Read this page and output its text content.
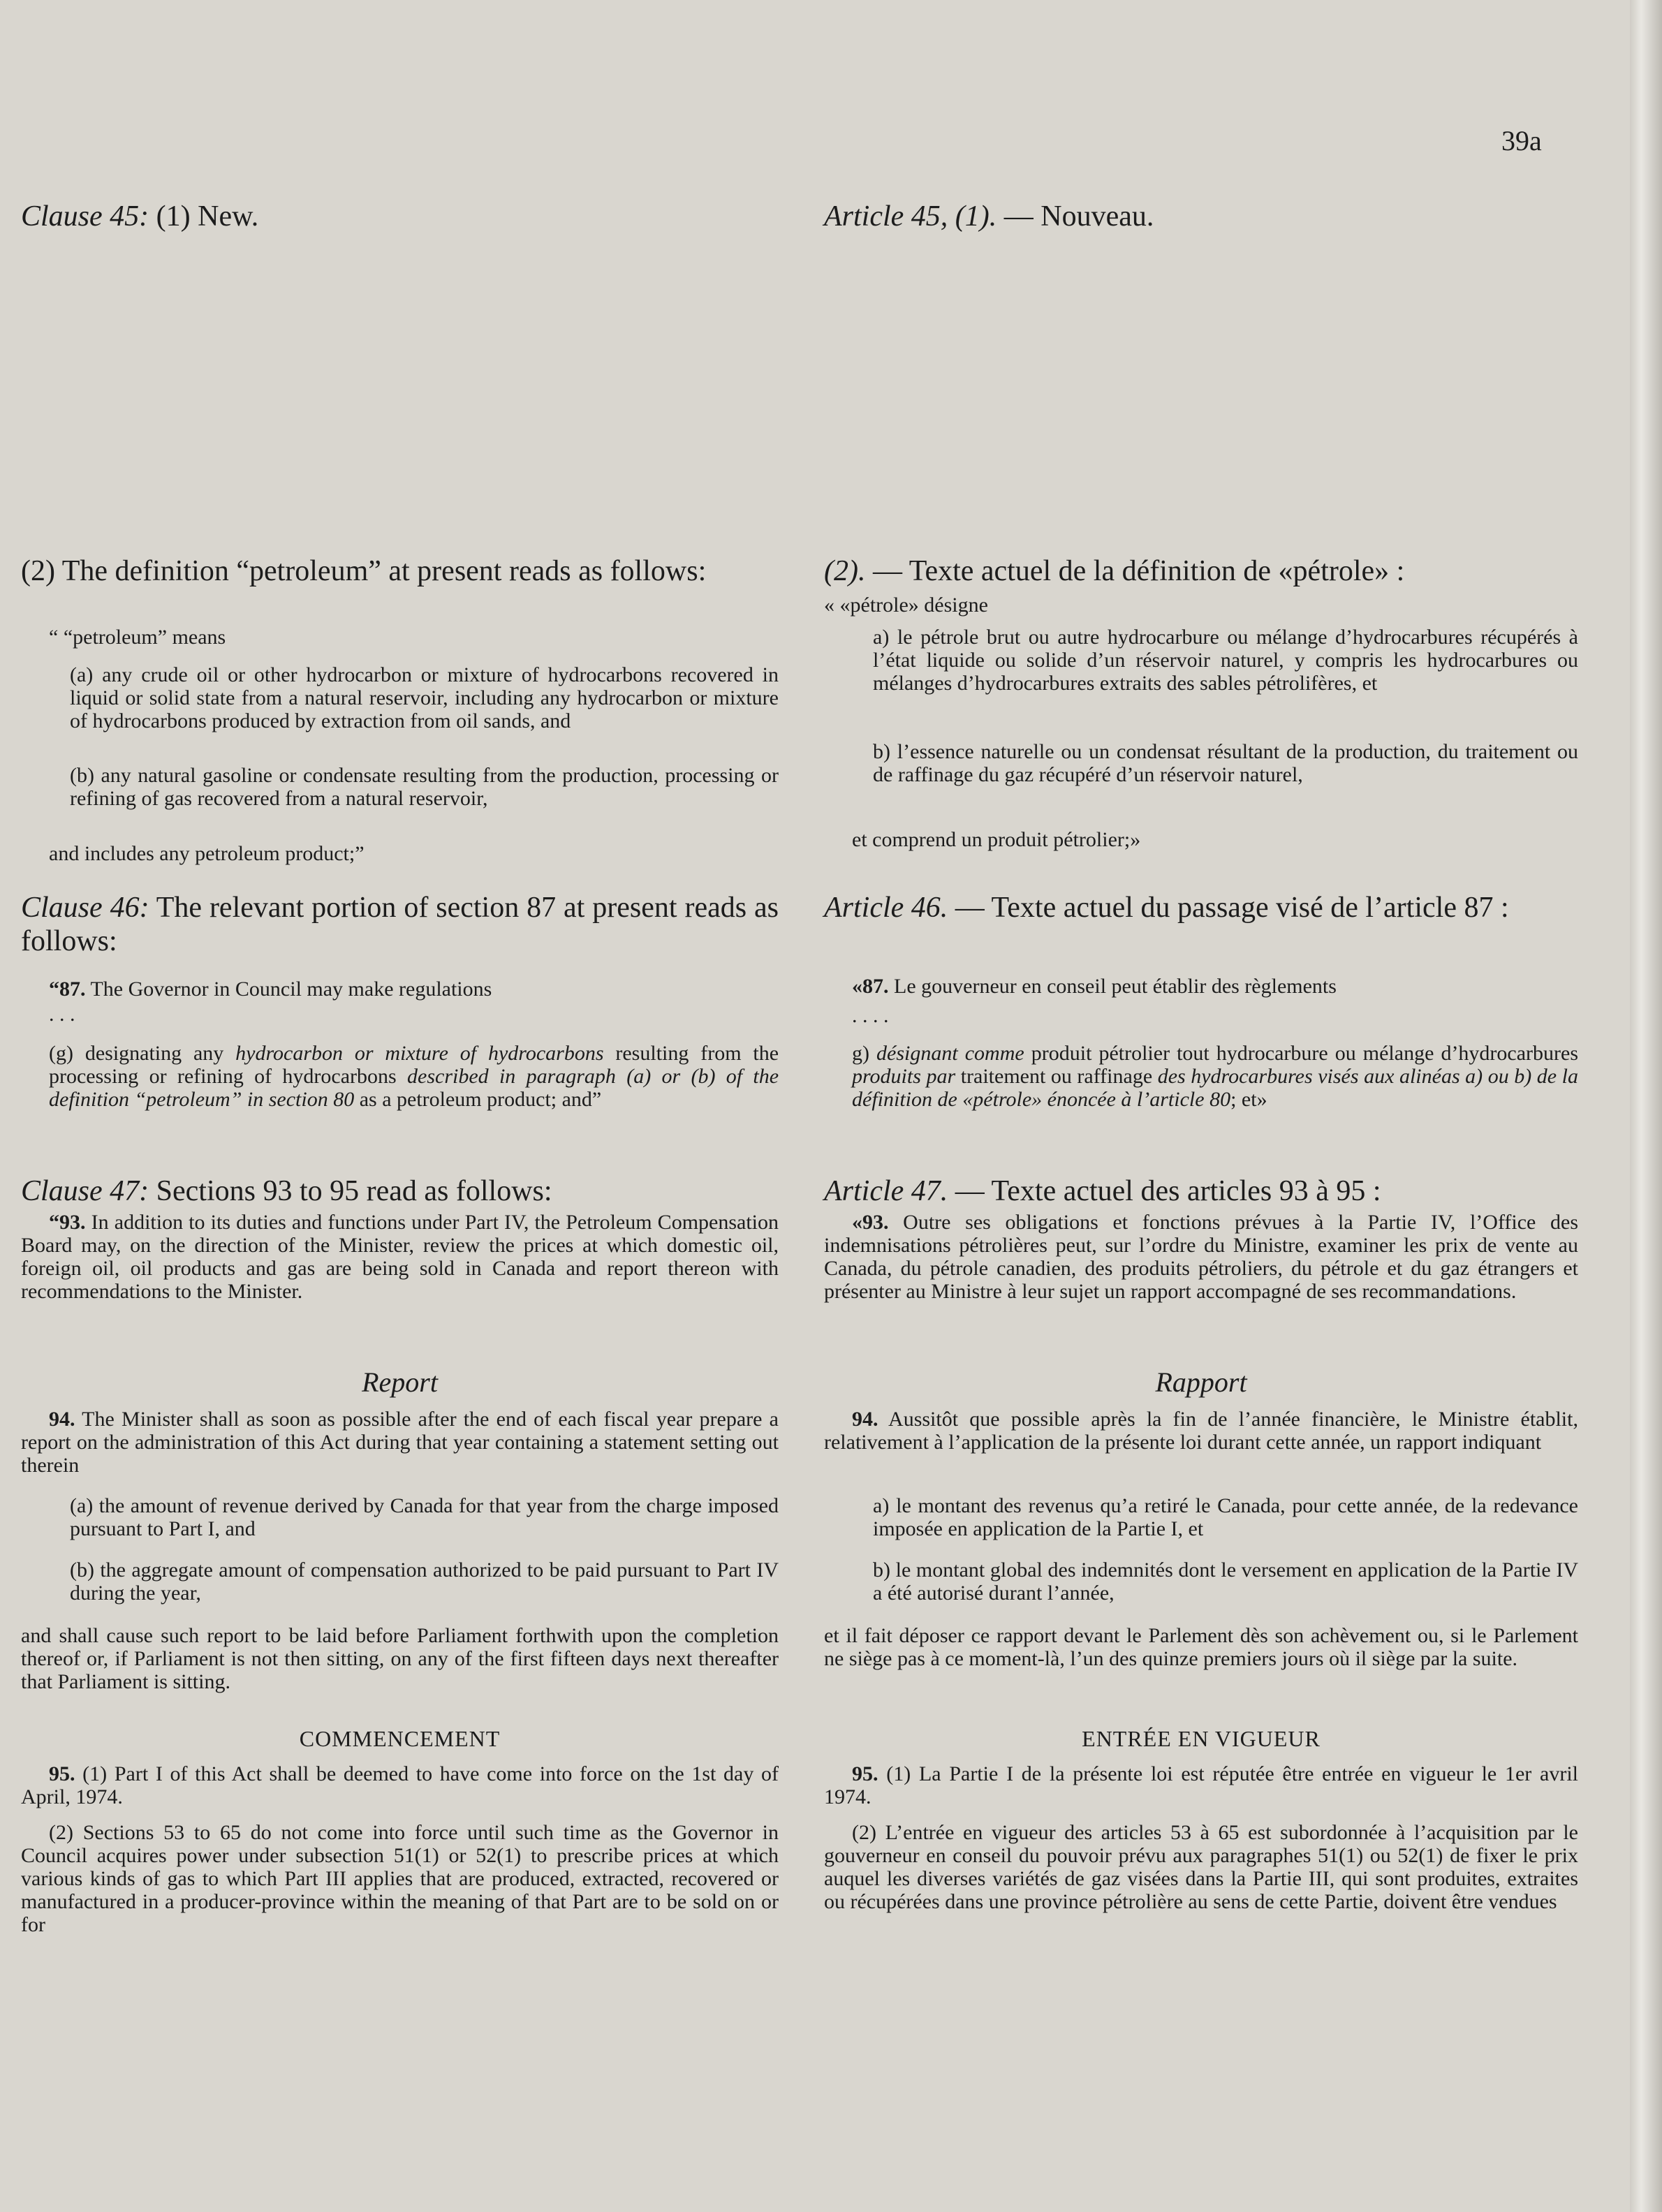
39a

Clause 45: (1) New.

(2) The definition “petroleum” at present reads as follows:

“ “petroleum” means

(a) any crude oil or other hydrocarbon or mixture of hydrocarbons recovered in liquid or solid state from a natural reservoir, including any hydrocarbon or mixture of hydrocarbons produced by extraction from oil sands, and

(b) any natural gasoline or condensate resulting from the production, processing or refining of gas recovered from a natural reservoir,

and includes any petroleum product;”

Clause 46: The relevant portion of section 87 at present reads as follows:

“87. The Governor in Council may make regulations

. . .

(g) designating any hydrocarbon or mixture of hydrocarbons resulting from the processing or refining of hydrocarbons described in paragraph (a) or (b) of the definition “petroleum” in section 80 as a petroleum product; and”

Clause 47: Sections 93 to 95 read as follows:

“93. In addition to its duties and functions under Part IV, the Petroleum Compensation Board may, on the direction of the Minister, review the prices at which domestic oil, foreign oil, oil products and gas are being sold in Canada and report thereon with recommendations to the Minister.

Report

94. The Minister shall as soon as possible after the end of each fiscal year prepare a report on the administration of this Act during that year containing a statement setting out therein

(a) the amount of revenue derived by Canada for that year from the charge imposed pursuant to Part I, and

(b) the aggregate amount of compensation authorized to be paid pursuant to Part IV during the year,

and shall cause such report to be laid before Parliament forthwith upon the completion thereof or, if Parliament is not then sitting, on any of the first fifteen days next thereafter that Parliament is sitting.

COMMENCEMENT

95. (1) Part I of this Act shall be deemed to have come into force on the 1st day of April, 1974.

(2) Sections 53 to 65 do not come into force until such time as the Governor in Council acquires power under subsection 51(1) or 52(1) to prescribe prices at which various kinds of gas to which Part III applies that are produced, extracted, recovered or manufactured in a producer-province within the meaning of that Part are to be sold on or for

Article 45, (1). — Nouveau.

(2). — Texte actuel de la définition de «pétrole» :

« «pétrole» désigne

a) le pétrole brut ou autre hydrocarbure ou mélange d’hydrocarbures récupérés à l’état liquide ou solide d’un réservoir naturel, y compris les hydrocarbures ou mélanges d’hydrocarbures extraits des sables pétrolifères, et

b) l’essence naturelle ou un condensat résultant de la production, du traitement ou de raffinage du gaz récupéré d’un réservoir naturel,

et comprend un produit pétrolier;»

Article 46. — Texte actuel du passage visé de l’article 87 :

«87. Le gouverneur en conseil peut établir des règlements

. . . .

g) désignant comme produit pétrolier tout hydrocarbure ou mélange d’hydrocarbures produits par traitement ou raffinage des hydrocarbures visés aux alinéas a) ou b) de la définition de «pétrole» énoncée à l’article 80; et»

Article 47. — Texte actuel des articles 93 à 95 :

«93. Outre ses obligations et fonctions prévues à la Partie IV, l’Office des indemnisations pétrolières peut, sur l’ordre du Ministre, examiner les prix de vente au Canada, du pétrole canadien, des produits pétroliers, du pétrole et du gaz étrangers et présenter au Ministre à leur sujet un rapport accompagné de ses recommandations.

Rapport

94. Aussitôt que possible après la fin de l’année financière, le Ministre établit, relativement à l’application de la présente loi durant cette année, un rapport indiquant

a) le montant des revenus qu’a retiré le Canada, pour cette année, de la redevance imposée en application de la Partie I, et

b) le montant global des indemnités dont le versement en application de la Partie IV a été autorisé durant l’année,

et il fait déposer ce rapport devant le Parlement dès son achèvement ou, si le Parlement ne siège pas à ce moment-là, l’un des quinze premiers jours où il siège par la suite.

ENTRÉE EN VIGUEUR

95. (1) La Partie I de la présente loi est réputée être entrée en vigueur le 1er avril 1974.

(2) L’entrée en vigueur des articles 53 à 65 est subordonnée à l’acquisition par le gouverneur en conseil du pouvoir prévu aux paragraphes 51(1) ou 52(1) de fixer le prix auquel les diverses variétés de gaz visées dans la Partie III, qui sont produites, extraites ou récupérées dans une province pétrolière au sens de cette Partie, doivent être vendues
